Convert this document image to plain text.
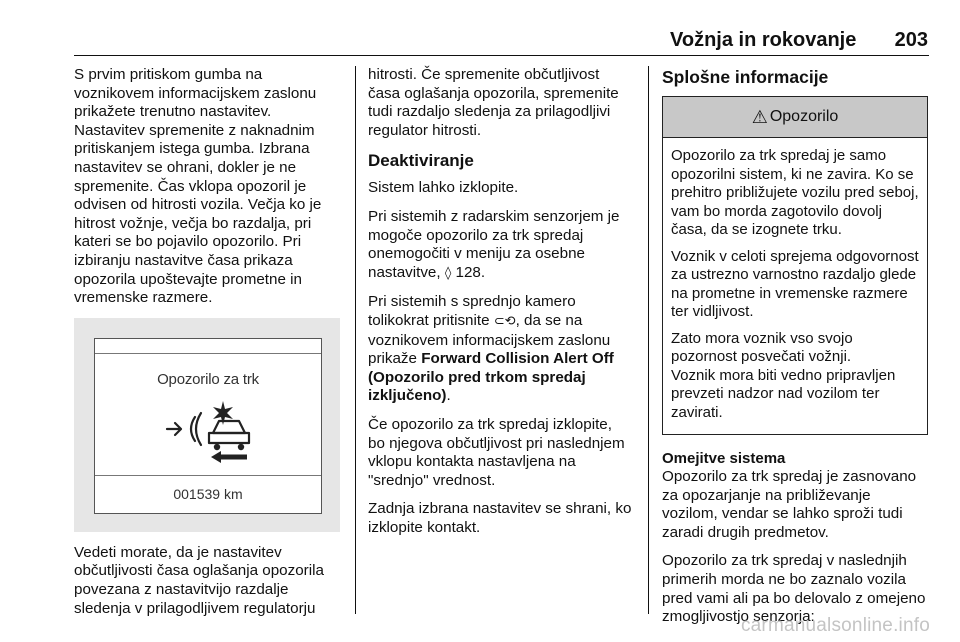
Vožnja in rokovanje	203

S prvim pritiskom gumba na voznikovem informacijskem zaslonu prikažete trenutno nastavitev. Nastavitev spremenite z naknadnim pritiskanjem istega gumba. Izbrana nastavitev se ohrani, dokler je ne spremenite. Čas vklopa opozoril je odvisen od hitrosti vozila. Večja ko je hitrost vožnje, večja bo razdalja, pri kateri se bo pojavilo opozorilo. Pri izbiranju nastavitve časa prikaza opozorila upoštevajte prometne in vremenske razmere.

Opozorilo za trk
001539 km

Vedeti morate, da je nastavitev občutljivosti časa oglašanja opozorila povezana z nastavitvijo razdalje sledenja v prilagodljivem regulatorju

hitrosti. Če spremenite občutljivost časa oglašanja opozorila, spremenite tudi razdaljo sledenja za prilagodljivi regulator hitrosti.

Deaktiviranje

Sistem lahko izklopite.

Pri sistemih z radarskim senzorjem je mogoče opozorilo za trk spredaj onemogočiti v meniju za osebne nastavitve, ◊ 128.

Pri sistemih s sprednjo kamero tolikokrat pritisnite ⊂⟲, da se na voznikovem informacijskem zaslonu prikaže Forward Collision Alert Off (Opozorilo pred trkom spredaj izključeno).

Če opozorilo za trk spredaj izklopite, bo njegova občutljivost pri naslednjem vklopu kontakta nastavljena na "srednjo" vrednost.

Zadnja izbrana nastavitev se shrani, ko izklopite kontakt.

Splošne informacije
⚠ Opozorilo

Opozorilo za trk spredaj je samo opozorilni sistem, ki ne zavira. Ko se prehitro približujete vozilu pred seboj, vam bo morda zagotovilo dovolj časa, da se izognete trku.

Voznik v celoti sprejema odgovornost za ustrezno varnostno razdaljo glede na prometne in vremenske razmere ter vidljivost.

Zato mora voznik vso svojo pozornost posvečati vožnji.

Voznik mora biti vedno pripravljen prevzeti nadzor nad vozilom ter zavirati.

Omejitve sistema

Opozorilo za trk spredaj je zasnovano za opozarjanje na približevanje vozilom, vendar se lahko sproži tudi zaradi drugih predmetov.

Opozorilo za trk spredaj v naslednjih primerih morda ne bo zaznalo vozila pred vami ali pa bo delovalo z omejeno zmogljivostjo senzorja:

carmanualsonline.info
